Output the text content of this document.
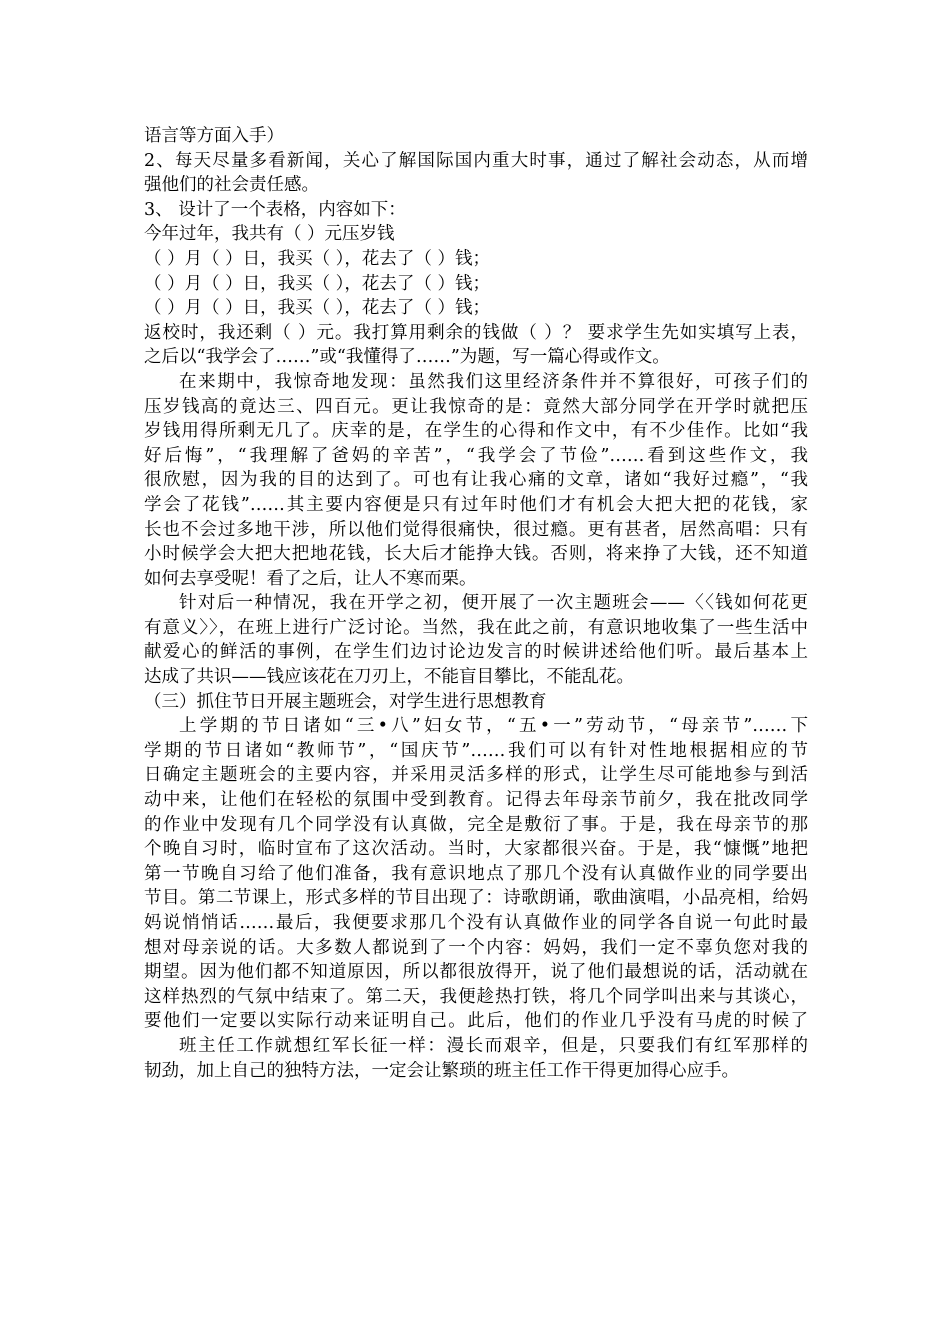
语言等方面入手）
2、每天尽量多看新闻，关心了解国际国内重大时事，通过了解社会动态，从而增
强他们的社会责任感。
3、 设计了一个表格，内容如下：
今年过年，我共有（ ）元压岁钱
（ ）月（ ）日，我买（ ），花去了（ ）钱；
（ ）月（ ）日，我买（ ），花去了（ ）钱；
（ ）月（ ）日，我买（ ），花去了（ ）钱；
返校时，我还剩（ ）元。我打算用剩余的钱做（ ）？ 要求学生先如实填写上表，
之后以“我学会了……”或“我懂得了……”为题，写一篇心得或作文。
在来期中，我惊奇地发现：虽然我们这里经济条件并不算很好，可孩子们的
压岁钱高的竟达三、四百元。更让我惊奇的是：竟然大部分同学在开学时就把压
岁钱用得所剩无几了。庆幸的是，在学生的心得和作文中，有不少佳作。比如“我
好后悔”，“我理解了爸妈的辛苦”，“我学会了节俭”……看到这些作文，我
很欣慰，因为我的目的达到了。可也有让我心痛的文章，诸如“我好过瘾”，“我
学会了花钱”……其主要内容便是只有过年时他们才有机会大把大把的花钱，家
长也不会过多地干涉，所以他们觉得很痛快，很过瘾。更有甚者，居然高唱：只有
小时候学会大把大把地花钱，长大后才能挣大钱。否则，将来挣了大钱，还不知道
如何去享受呢！看了之后，让人不寒而栗。
针对后一种情况，我在开学之初，便开展了一次主题班会——〈〈钱如何花更
有意义〉〉，在班上进行广泛讨论。当然，我在此之前，有意识地收集了一些生活中
献爱心的鲜活的事例，在学生们边讨论边发言的时候讲述给他们听。最后基本上
达成了共识——钱应该花在刀刃上，不能盲目攀比，不能乱花。
（三）抓住节日开展主题班会，对学生进行思想教育
上学期的节日诸如“三•八”妇女节，“五•一”劳动节，“母亲节”……下
学期的节日诸如“教师节”，“国庆节”……我们可以有针对性地根据相应的节
日确定主题班会的主要内容，并采用灵活多样的形式，让学生尽可能地参与到活
动中来，让他们在轻松的氛围中受到教育。记得去年母亲节前夕，我在批改同学
的作业中发现有几个同学没有认真做，完全是敷衍了事。于是，我在母亲节的那
个晚自习时，临时宣布了这次活动。当时，大家都很兴奋。于是，我“慷慨”地把
第一节晚自习给了他们准备，我有意识地点了那几个没有认真做作业的同学要出
节目。第二节课上，形式多样的节目出现了：诗歌朗诵，歌曲演唱，小品亮相，给妈
妈说悄悄话……最后，我便要求那几个没有认真做作业的同学各自说一句此时最
想对母亲说的话。大多数人都说到了一个内容：妈妈，我们一定不辜负您对我的
期望。因为他们都不知道原因，所以都很放得开，说了他们最想说的话，活动就在
这样热烈的气氛中结束了。第二天，我便趁热打铁，将几个同学叫出来与其谈心，
要他们一定要以实际行动来证明自己。此后，他们的作业几乎没有马虎的时候了
班主任工作就想红军长征一样：漫长而艰辛，但是，只要我们有红军那样的
韧劲，加上自己的独特方法，一定会让繁琐的班主任工作干得更加得心应手。
